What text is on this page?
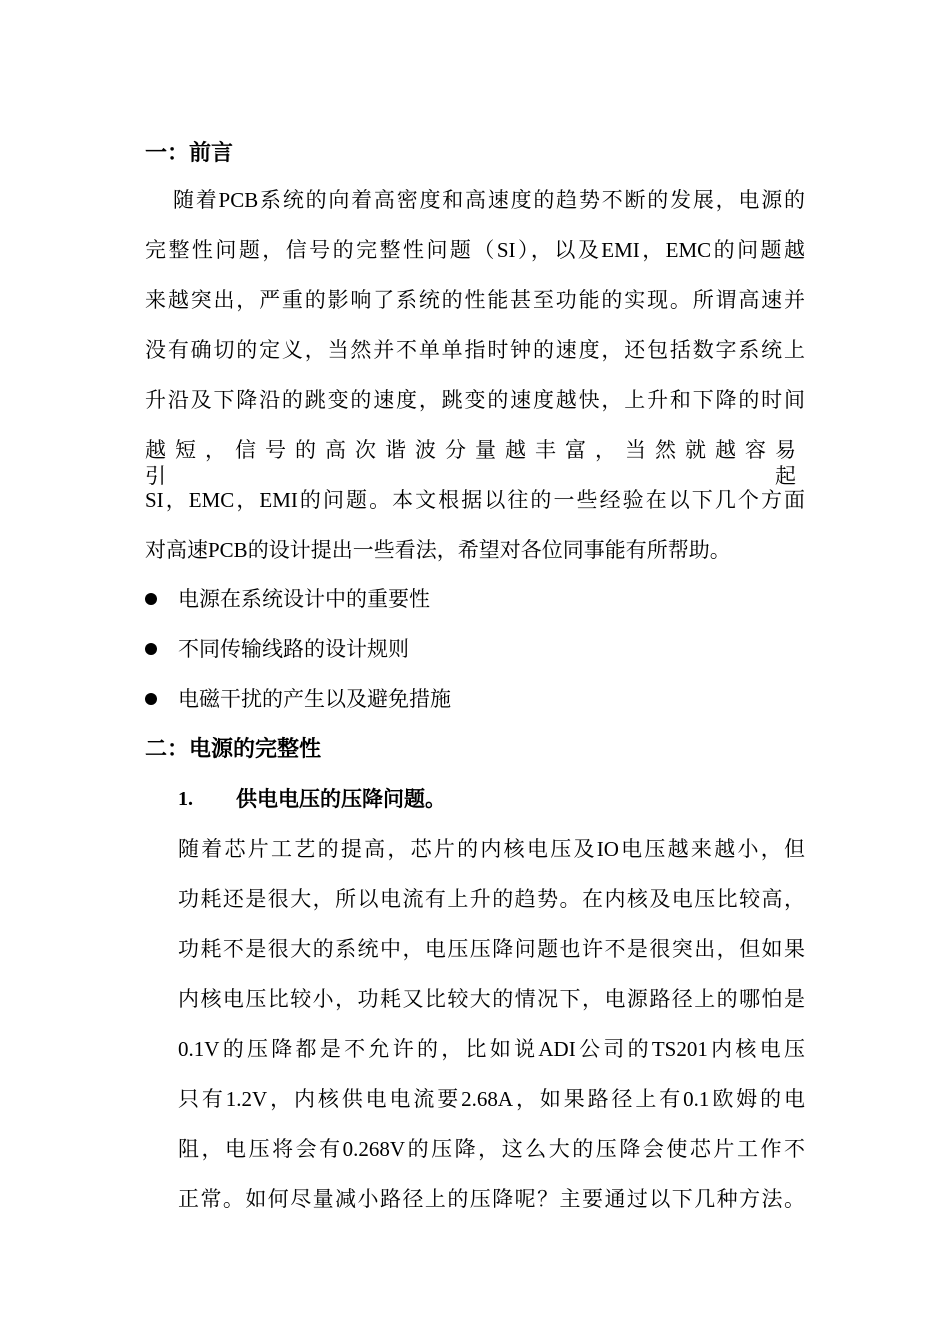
一：前言
随着PCB系统的向着高密度和高速度的趋势不断的发展，电源的
完整性问题，信号的完整性问题（SI），以及EMI，EMC的问题越
来越突出，严重的影响了系统的性能甚至功能的实现。所谓高速并
没有确切的定义，当然并不单单指时钟的速度，还包括数字系统上
升沿及下降沿的跳变的速度，跳变的速度越快，上升和下降的时间
越短，信号的高次谐波分量越丰富，当然就越容易引起
SI，EMC，EMI的问题。本文根据以往的一些经验在以下几个方面
对高速PCB的设计提出一些看法，希望对各位同事能有所帮助。
电源在系统设计中的重要性
不同传输线路的设计规则
电磁干扰的产生以及避免措施
二：电源的完整性
1. 供电电压的压降问题。
随着芯片工艺的提高，芯片的内核电压及IO电压越来越小，但
功耗还是很大，所以电流有上升的趋势。在内核及电压比较高，
功耗不是很大的系统中，电压压降问题也许不是很突出，但如果
内核电压比较小，功耗又比较大的情况下，电源路径上的哪怕是
0.1V的压降都是不允许的，比如说ADI公司的TS201内核电压
只有1.2V，内核供电电流要2.68A，如果路径上有0.1欧姆的电
阻，电压将会有0.268V的压降，这么大的压降会使芯片工作不
正常。如何尽量减小路径上的压降呢？主要通过以下几种方法。
